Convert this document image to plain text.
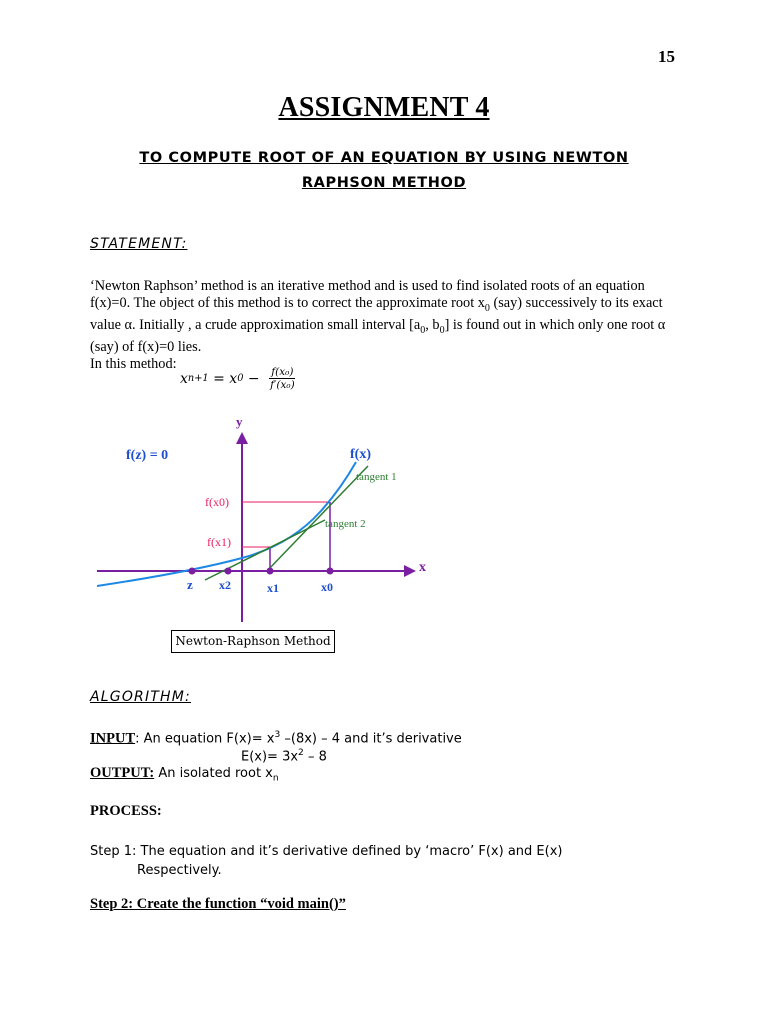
15
ASSIGNMENT 4
TO COMPUTE ROOT OF AN EQUATION BY USING NEWTON
RAPHSON METHOD
STATEMENT:

‘Newton Raphson’ method is an iterative method and is used to find isolated roots of an equation

f(x)=0. The object of this method is to correct the approximate root $x_0$ (say) successively to its exact

value α. Initially , a crude approximation small interval [$a_0$, $b_0$] is found out in which only one root α

(say) of f(x)=0 lies.

In this method:

x n+1 = x $0 - \frac{\text{f(x₀)}}{\text{f′(x₀)}}$
f(z) = 0	f(x)
y
x
f(x0)
f(x1)
tangent 1
tangent 2
z x2	x1	x0
Newton-Raphson Method
ALGORITHM:
INPUT: An equation $F(x)= x^3$ –(8x) – 4 and it’s derivative
$E(x)= 3x^2 - 8$
OUTPUT: An isolated root $x_n$
PROCESS:
Step 1: The equation and it’s derivative defined by ‘macro’ F(x) and E(x)
Respectively.
Step 2: Create the function “void main()”
